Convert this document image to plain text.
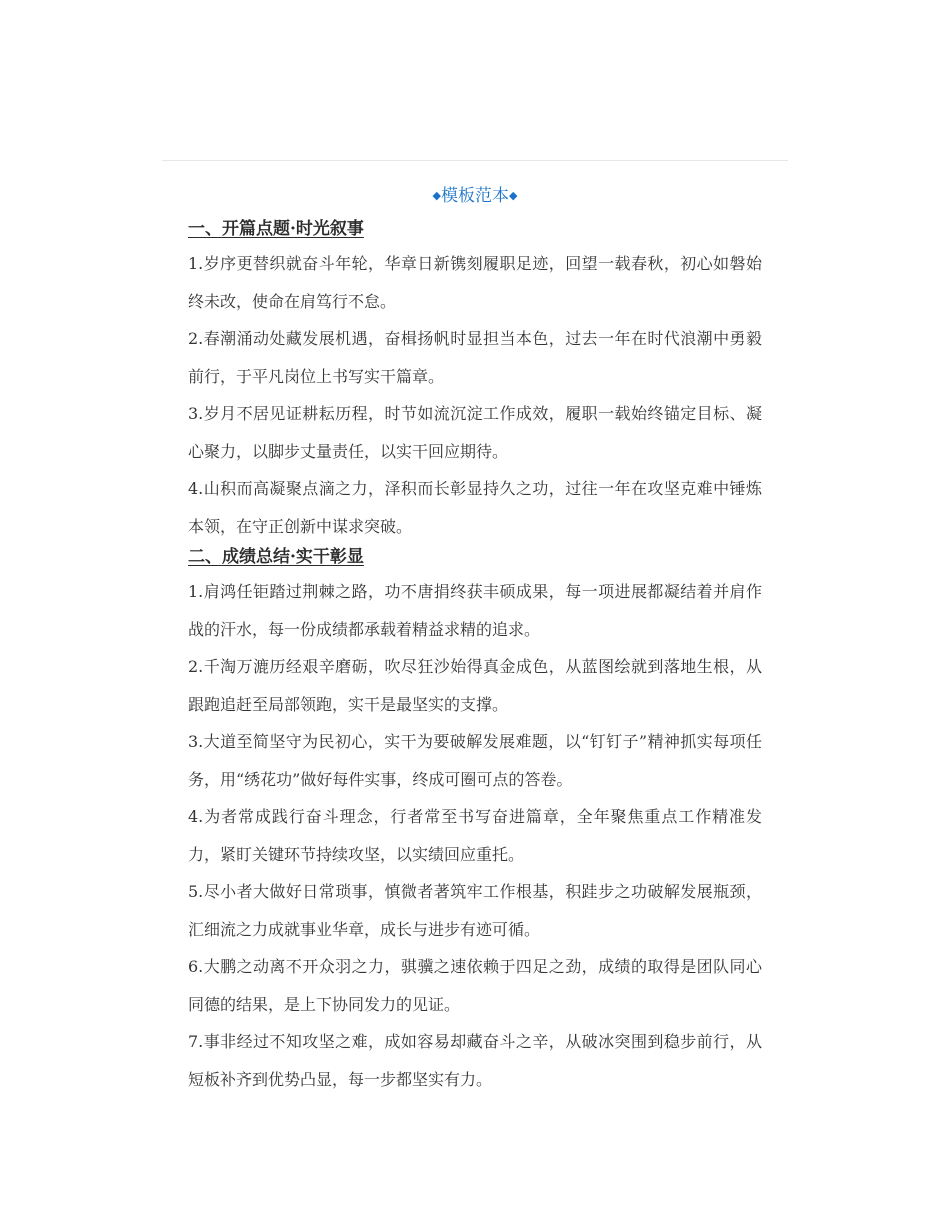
◆模板范本◆
一、开篇点题·时光叙事

1.岁序更替织就奋斗年轮，华章日新镌刻履职足迹，回望一载春秋，初心如磐始终未改，使命在肩笃行不怠。

2.春潮涌动处藏发展机遇，奋楫扬帆时显担当本色，过去一年在时代浪潮中勇毅前行，于平凡岗位上书写实干篇章。

3.岁月不居见证耕耘历程，时节如流沉淀工作成效，履职一载始终锚定目标、凝心聚力，以脚步丈量责任，以实干回应期待。

4.山积而高凝聚点滴之力，泽积而长彰显持久之功，过往一年在攻坚克难中锤炼本领，在守正创新中谋求突破。

二、成绩总结·实干彰显

1.肩鸿任钜踏过荆棘之路，功不唐捐终获丰硕成果，每一项进展都凝结着并肩作战的汗水，每一份成绩都承载着精益求精的追求。

2.千淘万漉历经艰辛磨砺，吹尽狂沙始得真金成色，从蓝图绘就到落地生根，从跟跑追赶至局部领跑，实干是最坚实的支撑。

3.大道至简坚守为民初心，实干为要破解发展难题，以“钉钉子”精神抓实每项任务，用“绣花功”做好每件实事，终成可圈可点的答卷。

4.为者常成践行奋斗理念，行者常至书写奋进篇章，全年聚焦重点工作精准发力，紧盯关键环节持续攻坚，以实绩回应重托。

5.尽小者大做好日常琐事，慎微者著筑牢工作根基，积跬步之功破解发展瓶颈，汇细流之力成就事业华章，成长与进步有迹可循。

6.大鹏之动离不开众羽之力，骐骥之速依赖于四足之劲，成绩的取得是团队同心同德的结果，是上下协同发力的见证。

7.事非经过不知攻坚之难，成如容易却藏奋斗之辛，从破冰突围到稳步前行，从短板补齐到优势凸显，每一步都坚实有力。
